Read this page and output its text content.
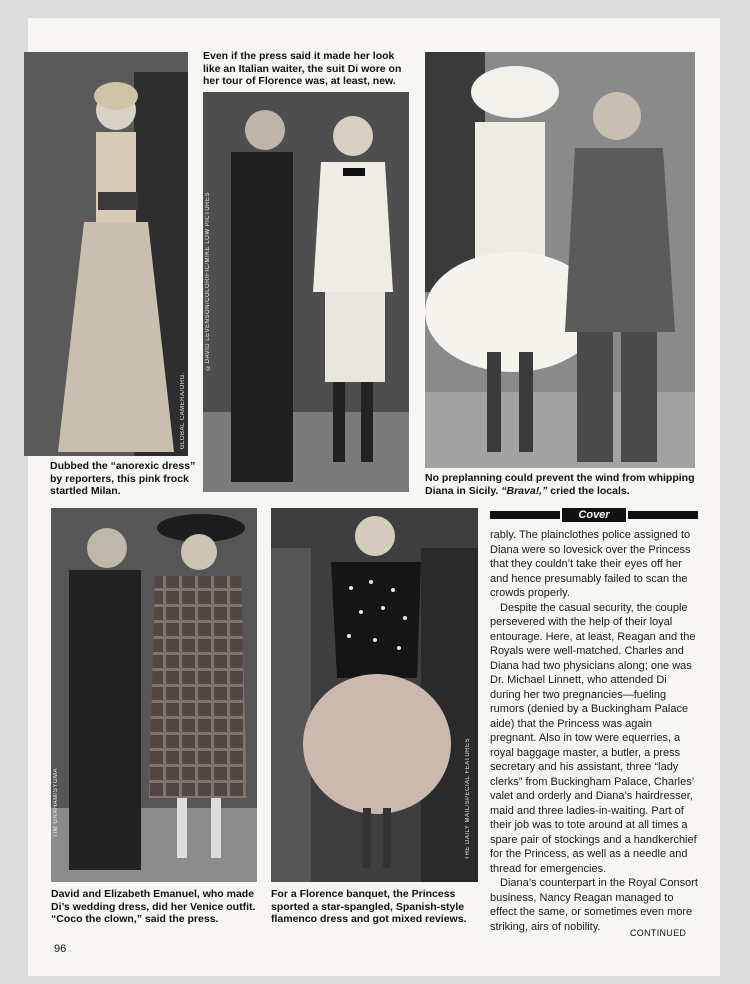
GLOBAL CAMERA/ORG.
©DAVID LEVENSON/COLORIFIC/MIKE LOW PICTURES
TIM GRAHAM/SYGMA	THE DAILY MAIL/SPECIAL FEATURES
Even if the press said it made her look like an Italian waiter, the suit Di wore on her tour of Florence was, at least, new.
Dubbed the “anorexic dress” by reporters, this pink frock startled Milan.
No preplanning could prevent the wind from whipping Diana in Sicily. “Brava!,” cried the locals.
David and Elizabeth Emanuel, who made Di’s wedding dress, did her Venice outfit. “Coco the clown,” said the press.
For a Florence banquet, the Princess sported a star-spangled, Spanish-style flamenco dress and got mixed reviews.
Cover

rably. The plainclothes police assigned to Diana were so lovesick over the Princess that they couldn’t take their eyes off her and hence presumably failed to scan the crowds properly.

Despite the casual security, the couple persevered with the help of their loyal entourage. Here, at least, Reagan and the Royals were well-matched. Charles and Diana had two physicians along; one was Dr. Michael Linnett, who attended Di during her two pregnancies—fueling rumors (denied by a Buckingham Palace aide) that the Princess was again pregnant. Also in tow were equerries, a royal baggage master, a butler, a press secretary and his assistant, three “lady clerks” from Buckingham Palace, Charles’ valet and orderly and Diana’s hairdresser, maid and three ladies-in-waiting. Part of their job was to tote around at all times a spare pair of stockings and a handkerchief for the Princess, as well as a needle and thread for emergencies.

Diana’s counterpart in the Royal Consort business, Nancy Reagan managed to effect the same, or sometimes even more striking, airs of nobility.

CONTINUED
96
